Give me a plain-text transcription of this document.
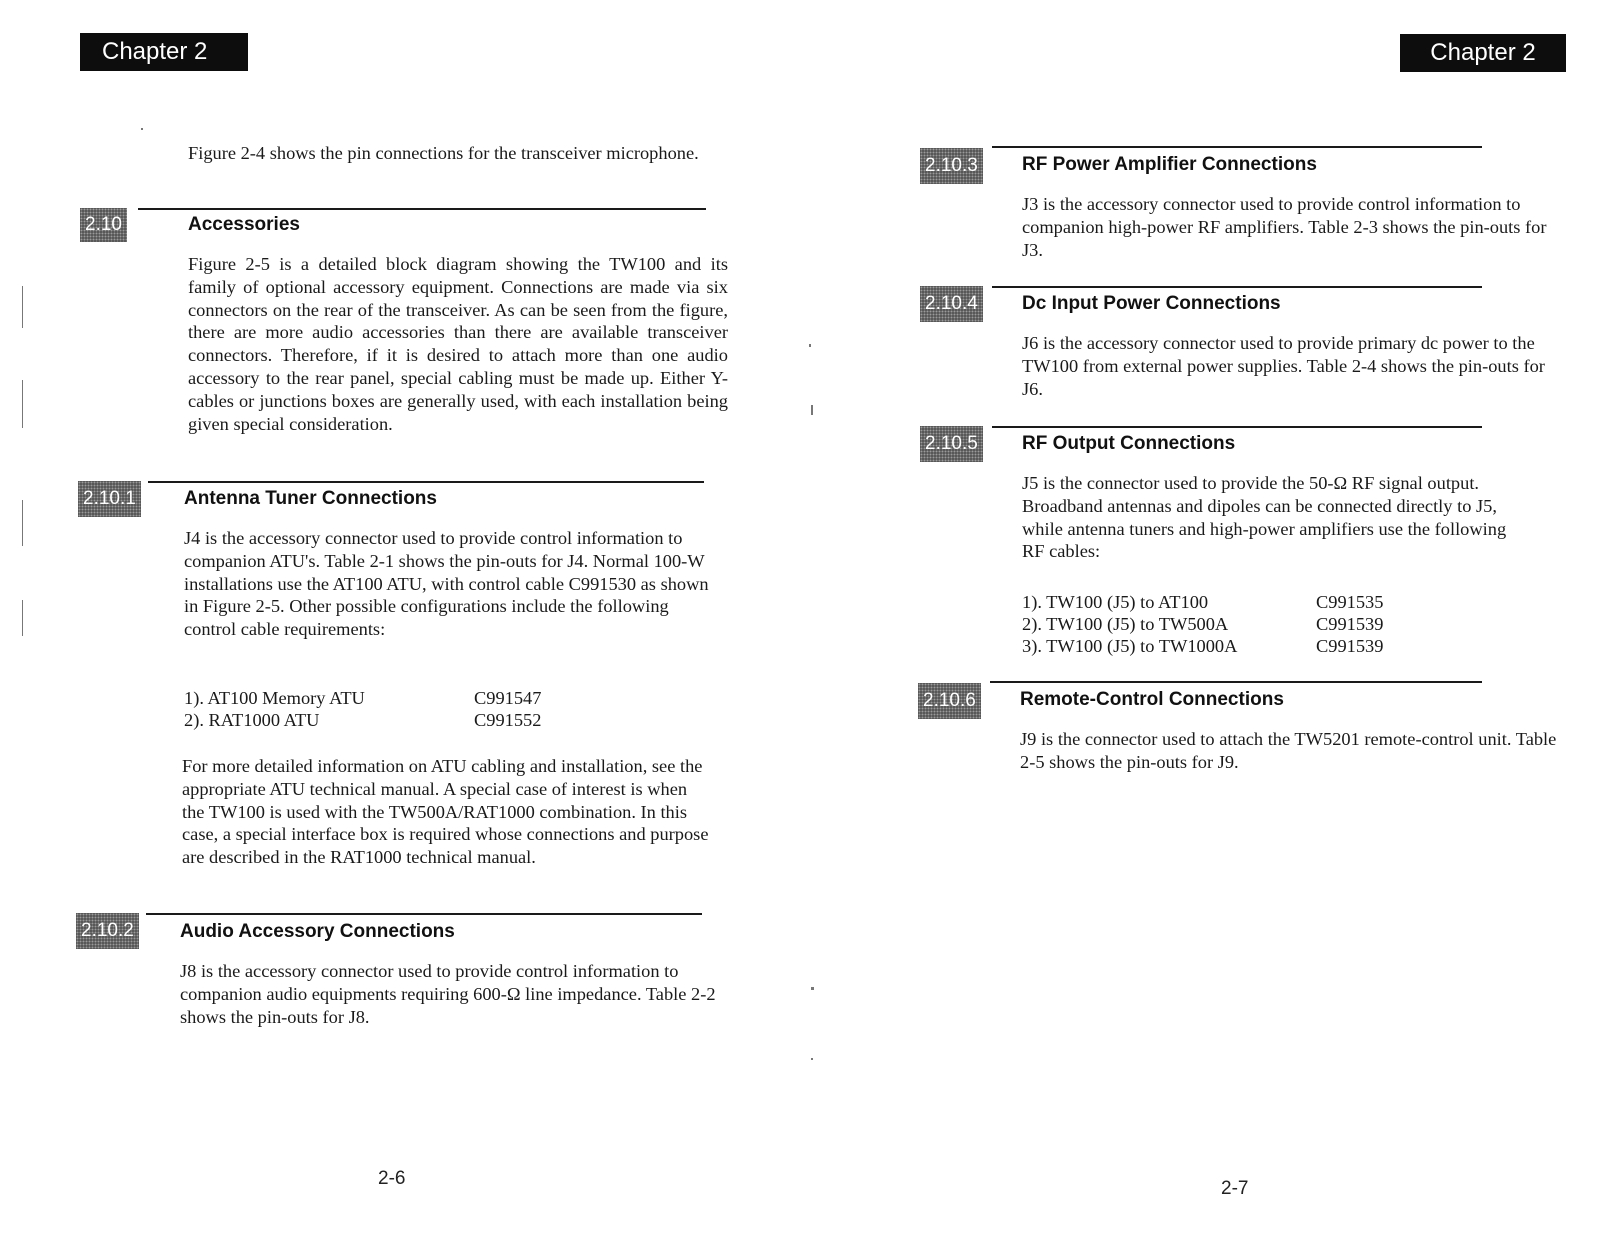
Chapter 2
Figure 2-4 shows the pin connections for the transceiver microphone.
2.10	Accessories
Figure 2-5 is a detailed block diagram showing the TW100 and its family of optional accessory equipment. Connections are made via six connectors on the rear of the transceiver. As can be seen from the figure, there are more audio accessories than there are available transceiver connectors. Therefore, if it is desired to attach more than one audio accessory to the rear panel, special cabling must be made up. Either Y-cables or junctions boxes are generally used, with each installation being given special consideration.
2.10.1	Antenna Tuner Connections
J4 is the accessory connector used to provide control information to companion ATU's. Table 2-1 shows the pin-outs for J4. Normal 100-W installations use the AT100 ATU, with control cable C991530 as shown in Figure 2-5. Other possible configurations include the following control cable requirements:
1). AT100 Memory ATU	C991547
2). RAT1000 ATU	C991552
For more detailed information on ATU cabling and installation, see the appropriate ATU technical manual. A special case of interest is when the TW100 is used with the TW500A/RAT1000 combination. In this case, a special interface box is required whose connections and purpose are described in the RAT1000 technical manual.
2.10.2 Audio Accessory Connections
J8 is the accessory connector used to provide control information to companion audio equipments requiring 600-Ω line impedance. Table 2-2 shows the pin-outs for J8.
2-6
Chapter 2
2.10.3 RF Power Amplifier Connections
J3 is the accessory connector used to provide control information to companion high-power RF amplifiers. Table 2-3 shows the pin-outs for J3.
2.10.4 Dc Input Power Connections
J6 is the accessory connector used to provide primary dc power to the TW100 from external power supplies. Table 2-4 shows the pin-outs for J6.
2.10.5 RF Output Connections
J5 is the connector used to provide the 50-Ω RF signal output. Broadband antennas and dipoles can be connected directly to J5, while antenna tuners and high-power amplifiers use the following RF cables:
1). TW100 (J5) to AT100	C991535
2). TW100 (J5) to TW500A	C991539
3). TW100 (J5) to TW1000A	C991539
2.10.6 Remote-Control Connections
J9 is the connector used to attach the TW5201 remote-control unit. Table 2-5 shows the pin-outs for J9.
2-7
